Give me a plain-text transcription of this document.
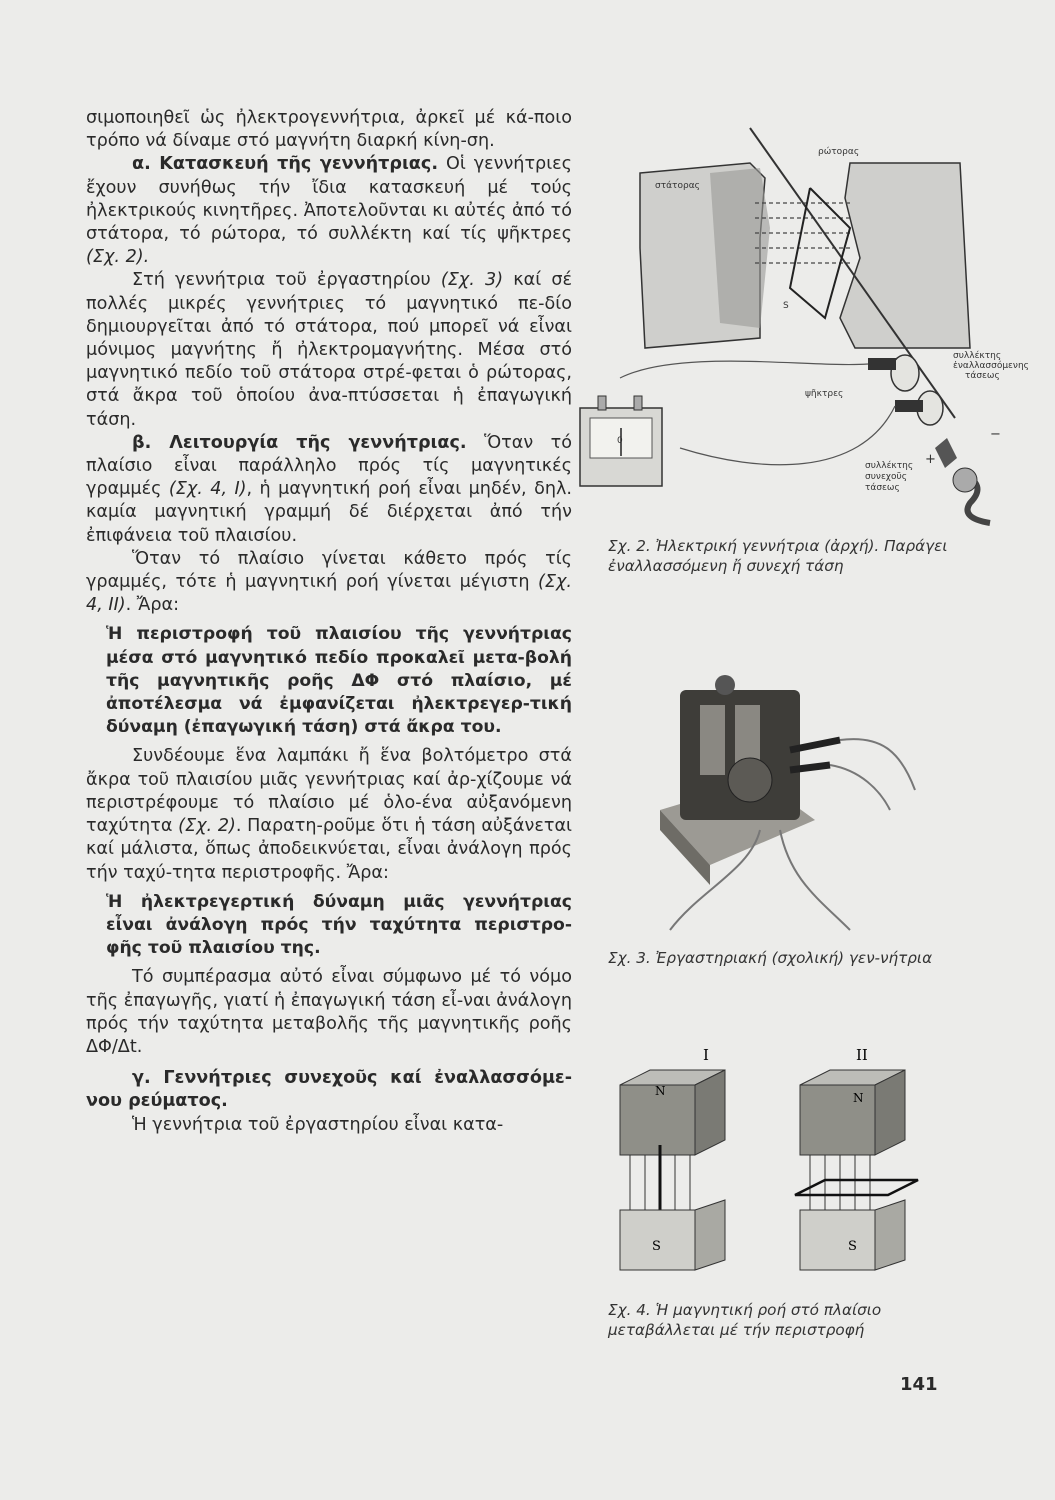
σιμοποιηθεῖ ὡς ἠλεκτρογεννήτρια, ἀρκεῖ μέ κά-ποιο τρόπο νά δίναμε στό μαγνήτη διαρκή κίνη-ση.

α. Κατασκευή τῆς γεννήτριας. Οἱ γεννήτριες ἔχουν συνήθως τήν ἴδια κατασκευή μέ τούς ἠλεκτρικούς κινητῆρες. Ἀποτελοῦνται κι αὐτές ἀπό τό στάτορα, τό ρώτορα, τό συλλέκτη καί τίς ψῆκτρες (Σχ. 2).

Στή γεννήτρια τοῦ ἐργαστηρίου (Σχ. 3) καί σέ πολλές μικρές γεννήτριες τό μαγνητικό πε-δίο δημιουργεῖται ἀπό τό στάτορα, πού μπορεῖ νά εἶναι μόνιμος μαγνήτης ἤ ἠλεκτρομαγνήτης. Μέσα στό μαγνητικό πεδίο τοῦ στάτορα στρέ-φεται ὁ ρώτορας, στά ἄκρα τοῦ ὁποίου ἀνα-πτύσσεται ἡ ἐπαγωγική τάση.

β. Λειτουργία τῆς γεννήτριας. Ὅταν τό πλαίσιο εἶναι παράλληλο πρός τίς μαγνητικές γραμμές (Σχ. 4, I), ἡ μαγνητική ροή εἶναι μηδέν, δηλ. καμία μαγνητική γραμμή δέ διέρχεται ἀπό τήν ἐπιφάνεια τοῦ πλαισίου.

Ὅταν τό πλαίσιο γίνεται κάθετο πρός τίς γραμμές, τότε ἡ μαγνητική ροή γίνεται μέγιστη (Σχ. 4, II). Ἄρα:

Ἡ περιστροφή τοῦ πλαισίου τῆς γεννήτριας μέσα στό μαγνητικό πεδίο προκαλεῖ μετα-βολή τῆς μαγνητικῆς ροῆς ΔΦ στό πλαίσιο, μέ ἀποτέλεσμα νά ἐμφανίζεται ἠλεκτρεγερ-τική δύναμη (ἐπαγωγική τάση) στά ἄκρα του.

Συνδέουμε ἕνα λαμπάκι ἤ ἕνα βολτόμετρο στά ἄκρα τοῦ πλαισίου μιᾶς γεννήτριας καί ἀρ-χίζουμε νά περιστρέφουμε τό πλαίσιο μέ ὁλο-ένα αὐξανόμενη ταχύτητα (Σχ. 2). Παρατη-ροῦμε ὅτι ἡ τάση αὐξάνεται καί μάλιστα, ὅπως ἀποδεικνύεται, εἶναι ἀνάλογη πρός τήν ταχύ-τητα περιστροφῆς. Ἄρα:

Ἡ ἠλεκτρεγερτική δύναμη μιᾶς γεννήτριας εἶναι ἀνάλογη πρός τήν ταχύτητα περιστρο-φῆς τοῦ πλαισίου της.

Τό συμπέρασμα αὐτό εἶναι σύμφωνο μέ τό νόμο τῆς ἐπαγωγῆς, γιατί ἡ ἐπαγωγική τάση εἶ-ναι ἀνάλογη πρός τήν ταχύτητα μεταβολῆς τῆς μαγνητικῆς ροῆς ΔΦ/Δt.

γ. Γεννήτριες συνεχοῦς καί ἐναλλασσόμε-νου ρεύματος.

Ἡ γεννήτρια τοῦ ἐργαστηρίου εἶναι κατα-

ρώτορας
στάτορας
ψῆκτρες
συλλέκτης
ἐναλλασσόμενης
τάσεως
συλλέκτης
συνεχοῦς
τάσεως
0
S
+
−
Σχ. 2. Ἠλεκτρική γεννήτρια (ἀρχή). Παράγει ἐναλλασσόμενη ἤ συνεχή τάση
Σχ. 3. Ἐργαστηριακή (σχολική) γεν-νήτρια
I	II
N
S
N
S
Σχ. 4. Ἡ μαγνητική ροή στό πλαίσιο μεταβάλλεται μέ τήν περιστροφή
141
